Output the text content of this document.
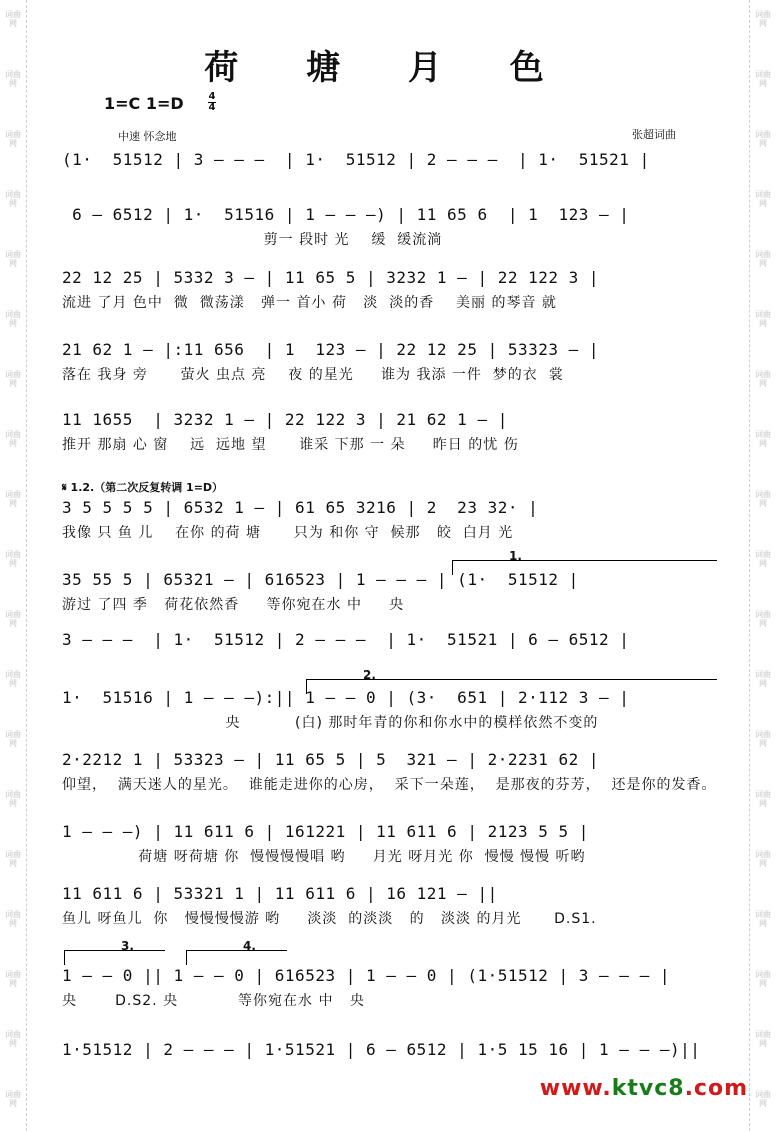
词曲网
词曲网
词曲网
词曲网
词曲网
词曲网
词曲网
词曲网
词曲网
词曲网
词曲网
词曲网
词曲网
词曲网
词曲网
词曲网
词曲网
词曲网
词曲网
词曲网
词曲网
词曲网
词曲网
词曲网
词曲网
词曲网
词曲网
词曲网
词曲网
词曲网
词曲网
词曲网
词曲网
词曲网
词曲网
词曲网
词曲网
词曲网
荷 塘 月 色
1=C 1=D 4
4
中速 怀念地	张超词曲
𝄋 1.2.（第二次反复转调 1=D）
(1·  51512 | 3 — — —  | 1·  51512 | 2 — — —  | 1·  51521 |
6 — 6512 | 1·  51516 | 1 — — —) | 11 65 6  | 1  123 — |
剪一 段时 光    缓  缓流淌
22 12 25 | 5332 3 — | 11 65 5 | 3232 1 — | 22 122 3 |
流进 了月 色中  微  微荡漾   弹一 首小 荷   淡  淡的香    美丽 的琴音 就
21 62 1 — |:11 656  | 1  123 — | 22 12 25 | 53323 — |
落在 我身 旁      萤火 虫点 亮    夜 的星光     谁为 我添 一件  梦的衣  裳
11 1655  | 3232 1 — | 22 122 3 | 21 62 1 — |
推开 那扇 心 窗    远  远地 望      谁采 下那 一 朵     昨日 的忧 伤
3 5 5 5 5 | 6532 1 — | 61 65 3216 | 2  23 32· |
我像 只 鱼 儿    在你 的荷 塘      只为 和你 守  候那   皎  白月 光
35 55 5 | 65321 — | 616523 | 1 — — — | (1·  51512 |
游过 了四 季   荷花依然香     等你宛在水 中     央
3 — — —  | 1·  51512 | 2 — — —  | 1·  51521 | 6 — 6512 |
1·  51516 | 1 — — —):|| 1 — — 0 | (3·  651 | 2·112 3 — |
央          (白) 那时年青的你和你水中的模样依然不变的
2·2212 1 | 53323 — | 11 65 5 | 5  321 — | 2·2231 62 |
仰望，  满天迷人的星光。  谁能走进你的心房，  采下一朵莲，  是那夜的芬芳，  还是你的发香。
1 — — —) | 11 611 6 | 161221 | 11 611 6 | 2123 5 5 |
荷塘 呀荷塘 你  慢慢慢慢唱 哟     月光 呀月光 你  慢慢 慢慢 听哟
11 611 6 | 53321 1 | 11 611 6 | 16 121 — ||
鱼儿 呀鱼儿  你   慢慢慢慢游 哟     淡淡  的淡淡   的   淡淡 的月光      D.S1.
1 — — 0 || 1 — — 0 | 616523 | 1 — — 0 | (1·51512 | 3 — — — |
央       D.S2. 央           等你宛在水 中   央
1·51512 | 2 — — — | 1·51521 | 6 — 6512 | 1·5 15 16 | 1 — — —)||
1.
2.
3.	4.
www.ktvc8.com
